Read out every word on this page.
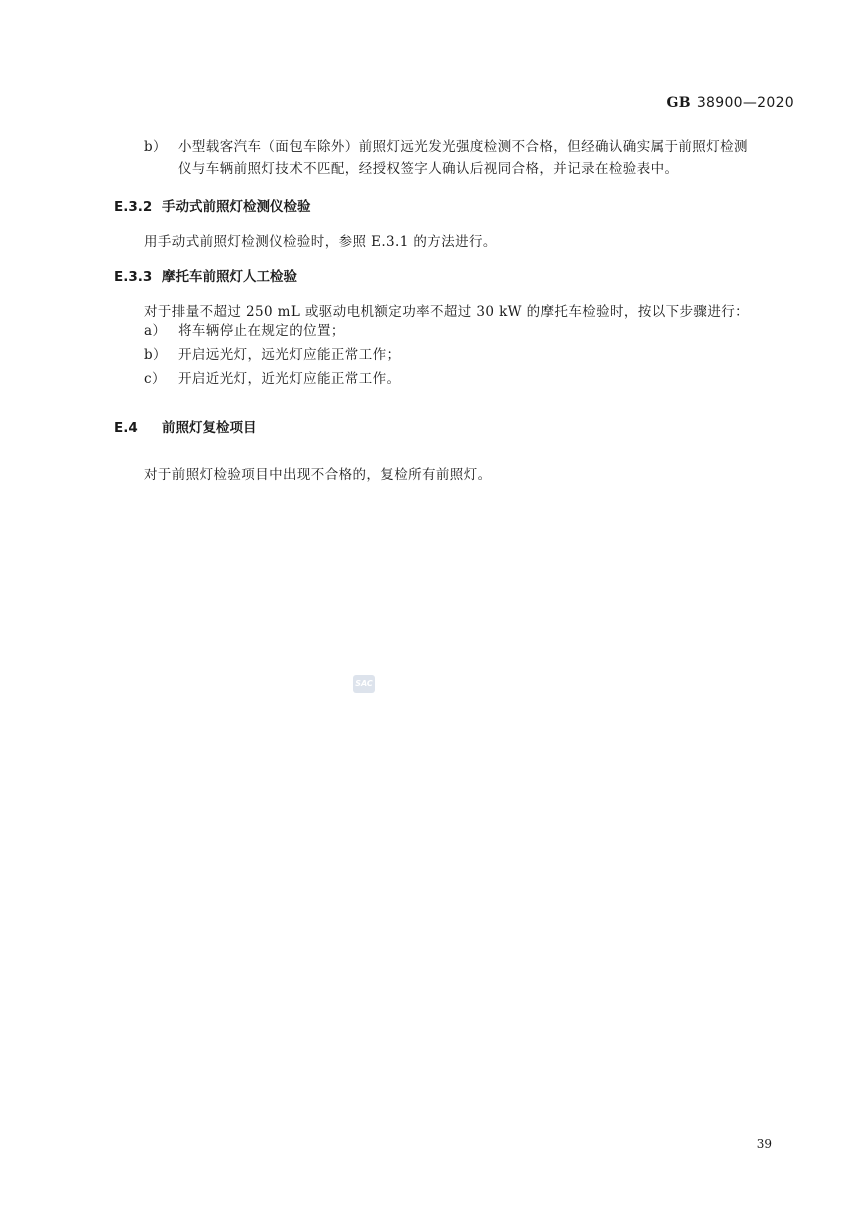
GB 38900—2020
b） 小型载客汽车（面包车除外）前照灯远光发光强度检测不合格，但经确认确实属于前照灯检测
仪与车辆前照灯技术不匹配，经授权签字人确认后视同合格，并记录在检验表中。
E.3.2 手动式前照灯检测仪检验
用手动式前照灯检测仪检验时，参照 E.3.1 的方法进行。
E.3.3 摩托车前照灯人工检验
对于排量不超过 250 mL 或驱动电机额定功率不超过 30 kW 的摩托车检验时，按以下步骤进行：
a） 将车辆停止在规定的位置；
b） 开启远光灯，远光灯应能正常工作；
c） 开启近光灯，近光灯应能正常工作。
E.4 前照灯复检项目
对于前照灯检验项目中出现不合格的，复检所有前照灯。
SAC
39
